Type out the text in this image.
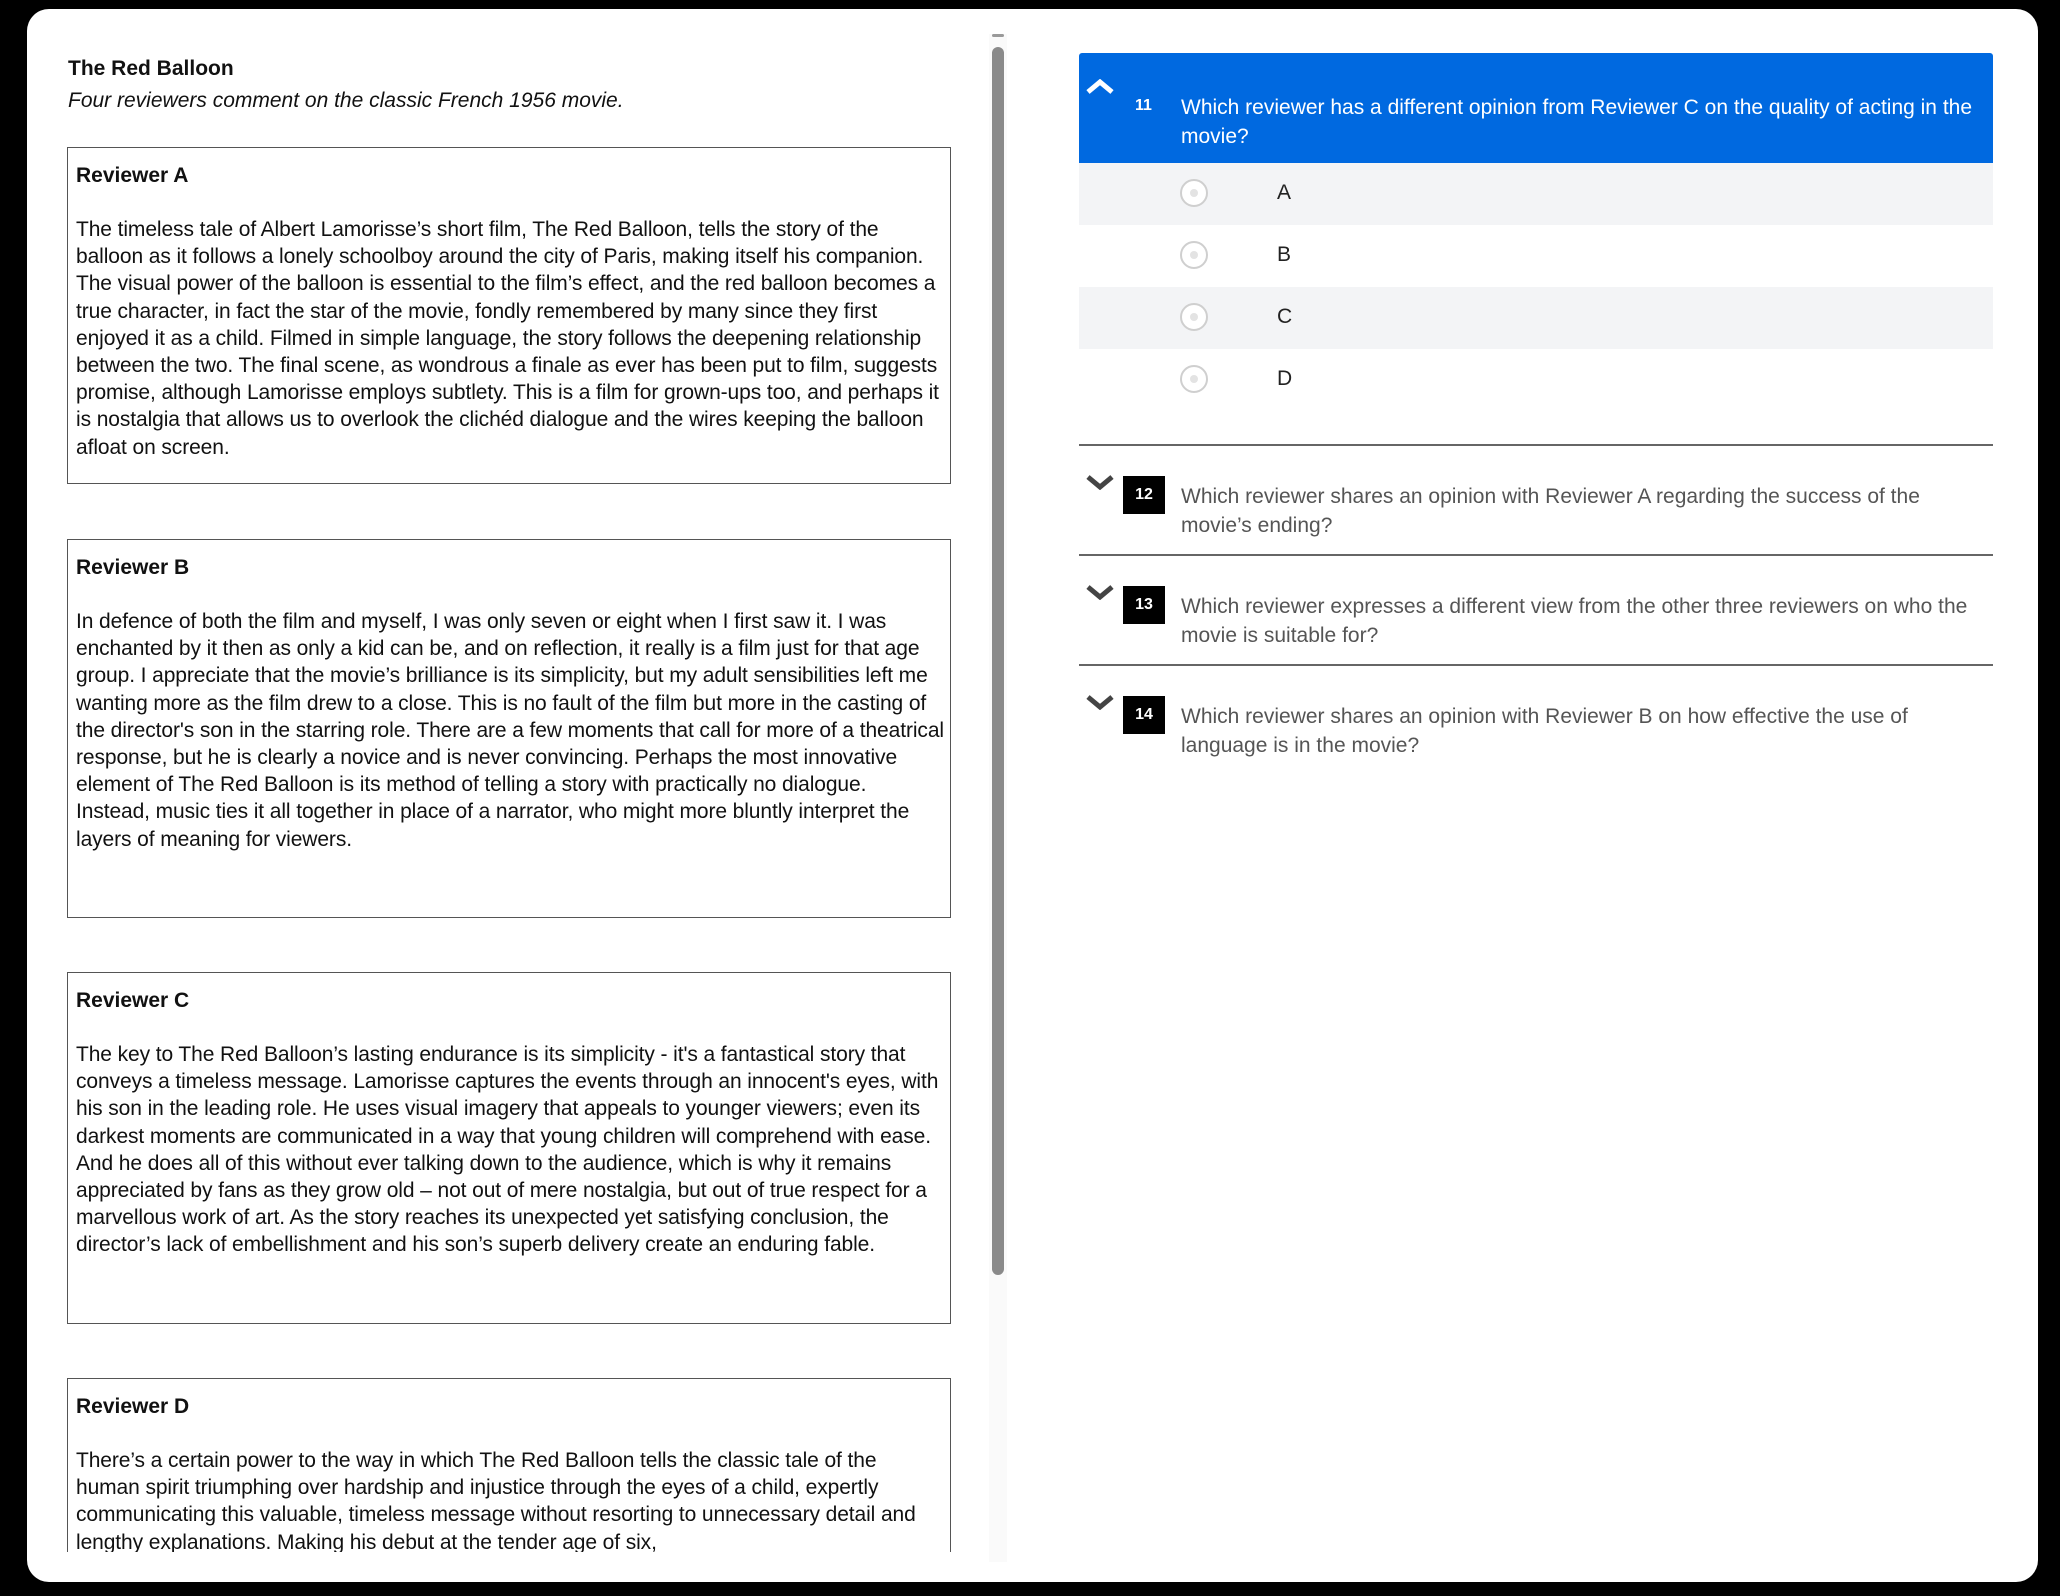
The Red Balloon
Four reviewers comment on the classic French 1956 movie.
Reviewer A

The timeless tale of Albert Lamorisse’s short film, The Red Balloon, tells the story of the balloon as it follows a lonely schoolboy around the city of Paris, making itself his companion. The visual power of the balloon is essential to the film’s effect, and the red balloon becomes a true character, in fact the star of the movie, fondly remembered by many since they first enjoyed it as a child. Filmed in simple language, the story follows the deepening relationship between the two. The final scene, as wondrous a finale as ever has been put to film, suggests promise, although Lamorisse employs subtlety. This is a film for grown-ups too, and perhaps it is nostalgia that allows us to overlook the clichéd dialogue and the wires keeping the balloon afloat on screen.

Reviewer B

In defence of both the film and myself, I was only seven or eight when I first saw it. I was enchanted by it then as only a kid can be, and on reflection, it really is a film just for that age group. I appreciate that the movie’s brilliance is its simplicity, but my adult sensibilities left me wanting more as the film drew to a close. This is no fault of the film but more in the casting of the director's son in the starring role. There are a few moments that call for more of a theatrical response, but he is clearly a novice and is never convincing. Perhaps the most innovative element of The Red Balloon is its method of telling a story with practically no dialogue. Instead, music ties it all together in place of a narrator, who might more bluntly interpret the layers of meaning for viewers.

Reviewer C

The key to The Red Balloon’s lasting endurance is its simplicity - it's a fantastical story that conveys a timeless message. Lamorisse captures the events through an innocent's eyes, with his son in the leading role. He uses visual imagery that appeals to younger viewers; even its darkest moments are communicated in a way that young children will comprehend with ease. And he does all of this without ever talking down to the audience, which is why it remains appreciated by fans as they grow old – not out of mere nostalgia, but out of true respect for a marvellous work of art. As the story reaches its unexpected yet satisfying conclusion, the director’s lack of embellishment and his son’s superb delivery create an enduring fable.

Reviewer D

There’s a certain power to the way in which The Red Balloon tells the classic tale of the human spirit triumphing over hardship and injustice through the eyes of a child, expertly communicating this valuable, timeless message without resorting to unnecessary detail and lengthy explanations. Making his debut at the tender age of six,

11 Which reviewer has a different opinion from Reviewer C on the quality of acting in the movie?
A
B
C
D
12	Which reviewer shares an opinion with Reviewer A regarding the success of the movie’s ending?
13	Which reviewer expresses a different view from the other three reviewers on who the movie is suitable for?
14	Which reviewer shares an opinion with Reviewer B on how effective the use of language is in the movie?
